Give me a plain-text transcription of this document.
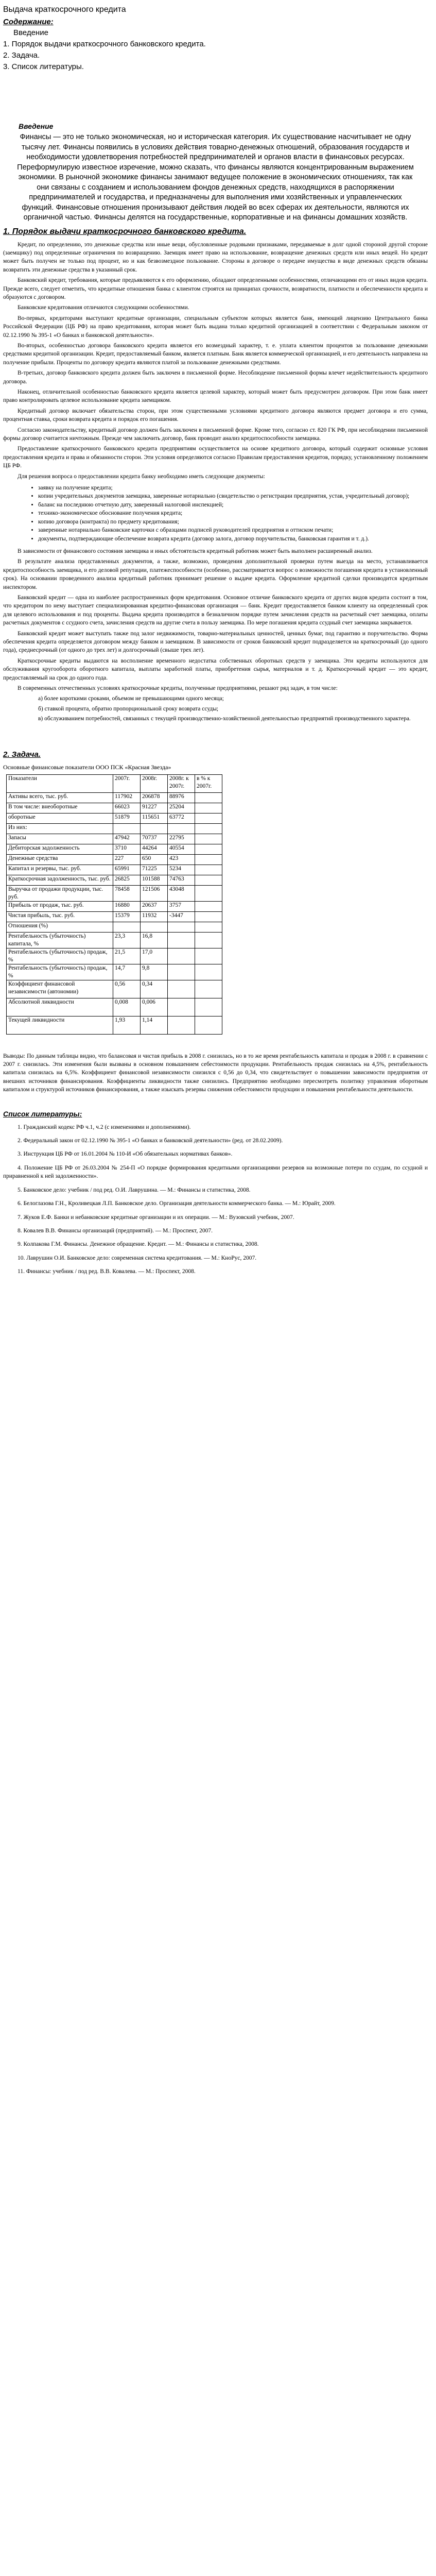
Выдача краткосрочного кредита
Содержание:
Введение
1. Порядок выдачи краткосрочного банковского кредита.
2. Задача.
3. Список литературы.
Введение

Финансы — это не только экономическая, но и историческая категория. Их существование насчитывает не одну тысячу лет. Финансы появились в условиях действия товарно-денежных отношений, образования государств и необходимости удовлетворения потребностей предпринимателей и органов власти в финансовых ресурсах.

Переформулирую известное изречение, можно сказать, что финансы являются концентрированным выражением экономики. В рыночной экономике финансы занимают ведущее положение в экономических отношениях, так как они связаны с созданием и использованием фондов денежных средств, находящихся в распоряжении предпринимателей и государства, и предназначены для выполнения ими хозяйственных и управленческих функций. Финансовые отношения пронизывают действия людей во всех сферах их деятельности, являются их органичной частью. Финансы делятся на государственные, корпоративные и на финансы домашних хозяйств.

1. Порядок выдачи краткосрочного банковского кредита.

Кредит, по определению, это денежные средства или иные вещи, обусловленные родовыми признаками, передаваемые в долг одной стороной другой стороне (заемщику) под определенные ограничения по возвращению. Заемщик имеет право на использование, возвращение денежных средств или иных вещей. Но кредит может быть получен не только под процент, но и как безвозмездное пользование. Стороны в договоре о передаче имущества в виде денежных средств обязаны возвратить эти денежные средства в указанный срок.

Банковский кредит, требования, которые предъявляются к его оформлению, обладают определенными особенностями, отличающими его от иных видов кредита. Прежде всего, следует отметить, что кредитные отношения банка с клиентом строятся на принципах срочности, возвратности, платности и обеспеченности кредита и образуются с договором.

Банковские кредитования отличаются следующими особенностями.

Во-первых, кредиторами выступают кредитные организации, специальным субъектом которых является банк, имеющий лицензию Центрального банка Российской Федерации (ЦБ РФ) на право кредитования, которая может быть выдана только кредитной организацией в соответствии с Федеральным законом от 02.12.1990 № 395-1 «О банках и банковской деятельности».

Во-вторых, особенностью договора банковского кредита является его возмездный характер, т. е. уплата клиентом процентов за пользование денежными средствами кредитной организации. Кредит, предоставляемый банком, является платным. Банк является коммерческой организацией, и его деятельность направлена на получение прибыли. Проценты по договору кредита являются платой за пользование денежными средствами.

В-третьих, договор банковского кредита должен быть заключен в письменной форме. Несоблюдение письменной формы влечет недействительность кредитного договора.

Наконец, отличительной особенностью банковского кредита является целевой характер, который может быть предусмотрен договором. При этом банк имеет право контролировать целевое использование кредита заемщиком.

Кредитный договор включает обязательства сторон, при этом существенными условиями кредитного договора являются предмет договора и его сумма, процентная ставка, сроки возврата кредита и порядок его погашения.

Согласно законодательству, кредитный договор должен быть заключен в письменной форме. Кроме того, согласно ст. 820 ГК РФ, при несоблюдении письменной формы договор считается ничтожным. Прежде чем заключить договор, банк проводит анализ кредитоспособности заемщика.

Предоставление краткосрочного банковского кредита предприятиям осуществляется на основе кредитного договора, который содержит основные условия предоставления кредита и права и обязанности сторон. Эти условия определяются согласно Правилам предоставления кредитов, порядку, установленному положением ЦБ РФ.

Для решения вопроса о предоставлении кредита банку необходимо иметь следующие документы:

• заявку на получение кредита;
• копии учредительных документов заемщика, заверенные нотариально (свидетельство о регистрации предприятия, устав, учредительный договор);
• баланс на последнюю отчетную дату, заверенный налоговой инспекцией;
• технико-экономическое обоснование получения кредита;
• копию договора (контракта) по предмету кредитования;
• заверенные нотариально банковские карточки с образцами подписей руководителей предприятия и оттиском печати;
• документы, подтверждающие обеспечение возврата кредита (договор залога, договор поручительства, банковская гарантия и т. д.).

В зависимости от финансового состояния заемщика и иных обстоятельств кредитный работник может быть выполнен расширенный анализ.

В результате анализа представленных документов, а также, возможно, проведения дополнительной проверки путем выезда на место, устанавливается кредитоспособность заемщика, и его деловой репутации, платежеспособности (особенно, рассматривается вопрос о возможности погашения кредита в установленный срок). На основании проведенного анализа кредитный работник принимает решение о выдаче кредита. Оформление кредитной сделки производится кредитным инспектором.

Банковский кредит — одна из наиболее распространенных форм кредитования. Основное отличие банковского кредита от других видов кредита состоит в том, что кредитором по нему выступает специализированная кредитно-финансовая организация — банк. Кредит предоставляется банком клиенту на определенный срок для целевого использования и под проценты. Выдача кредита производится в безналичном порядке путем зачисления средств на расчетный счет заемщика, оплаты расчетных документов с ссудного счета, зачисления средств на другие счета в пользу заемщика. По мере погашения кредита ссудный счет заемщика закрывается.

Банковский кредит может выступать также под залог недвижимости, товарно-материальных ценностей, ценных бумаг, под гарантию и поручительство. Форма обеспечения кредита определяется договором между банком и заемщиком. В зависимости от сроков банковский кредит подразделяется на краткосрочный (до одного года), среднесрочный (от одного до трех лет) и долгосрочный (свыше трех лет).

Краткосрочные кредиты выдаются на восполнение временного недостатка собственных оборотных средств у заемщика. Эти кредиты используются для обслуживания кругооборота оборотного капитала, выплаты заработной платы, приобретения сырья, материалов и т. д. Краткосрочный кредит — это кредит, предоставляемый на срок до одного года.

В современных отечественных условиях краткосрочные кредиты, полученные предприятиями, решают ряд задач, в том числе:

а) более короткими сроками, объемом не превышающими одного месяца;
б) ставкой процента, обратно пропорциональной сроку возврата ссуды;
в) обслуживанием потребностей, связанных с текущей производственно-хозяйственной деятельностью предприятий производственного характера.
2. Задача.
Основные финансовые показатели ООО ПСК «Красная Звезда»
Показатели	2007г.	2008г.	2008г. к 2007г.	в % к 2007г.
Активы всего, тыс. руб.	117902	206878	88976	
В том числе: внеоборотные	66023	91227	25204	
оборотные	51879	115651	63772	
Из них:				
Запасы	47942	70737	22795	
Дебиторская задолженность	3710	44264	40554	
Денежные средства	227	650	423	
Капитал и резервы, тыс. руб.	65991	71225	5234	
Краткосрочная задолженность, тыс. руб.	26825	101588	74763	
Выручка от продажи продукции, тыс. руб.	78458	121506	43048	
Прибыль от продаж, тыс. руб.	16880	20637	3757	
Чистая прибыль, тыс. руб.	15379	11932	-3447	
Отношения (%)				
Рентабельность (убыточность) капитала, %	23,3	16,8		
Рентабельность (убыточность) продаж, %	21,5	17,0		
Рентабельность (убыточность) продаж, %	14,7	9,8		
Коэффициент финансовой независимости (автономии)	0,56	0,34		
Абсолютной ликвидности	0,008	0,006		
Текущей ликвидности	1,93	1,14		

Выводы: По данным таблицы видно, что балансовая и чистая прибыль в 2008 г. снизилась, но в то же время рентабельность капитала и продаж в 2008 г. в сравнении с 2007 г. снизилась. Эти изменения были вызваны в основном повышением себестоимости продукции. Рентабельность продаж снизилась на 4,5%, рентабельность капитала снизилась на 6,5%. Коэффициент финансовой независимости снизился с 0,56 до 0,34, что свидетельствует о повышении зависимости предприятия от внешних источников финансирования. Коэффициенты ликвидности также снизились. Предприятию необходимо пересмотреть политику управления оборотным капиталом и структурой источников финансирования, а также изыскать резервы снижения себестоимости продукции и повышения рентабельности деятельности.

Список литературы:
1. Гражданский кодекс РФ ч.1, ч.2 (с изменениями и дополнениями).
2. Федеральный закон от 02.12.1990 № 395-1 «О банках и банковской деятельности» (ред. от 28.02.2009).
3. Инструкция ЦБ РФ от 16.01.2004 № 110-И «Об обязательных нормативах банков».
4. Положение ЦБ РФ от 26.03.2004 № 254-П «О порядке формирования кредитными организациями резервов на возможные потери по ссудам, по ссудной и приравненной к ней задолженности».
5. Банковское дело: учебник / под ред. О.И. Лаврушина. — М.: Финансы и статистика, 2008.
6. Белоглазова Г.Н., Кроливецкая Л.П. Банковское дело. Организация деятельности коммерческого банка. — М.: Юрайт, 2009.
7. Жуков Е.Ф. Банки и небанковские кредитные организации и их операции. — М.: Вузовский учебник, 2007.
8. Ковалев В.В. Финансы организаций (предприятий). — М.: Проспект, 2007.
9. Колпакова Г.М. Финансы. Денежное обращение. Кредит. — М.: Финансы и статистика, 2008.
10. Лаврушин О.И. Банковское дело: современная система кредитования. — М.: КноРус, 2007.
11. Финансы: учебник / под ред. В.В. Ковалева. — М.: Проспект, 2008.
